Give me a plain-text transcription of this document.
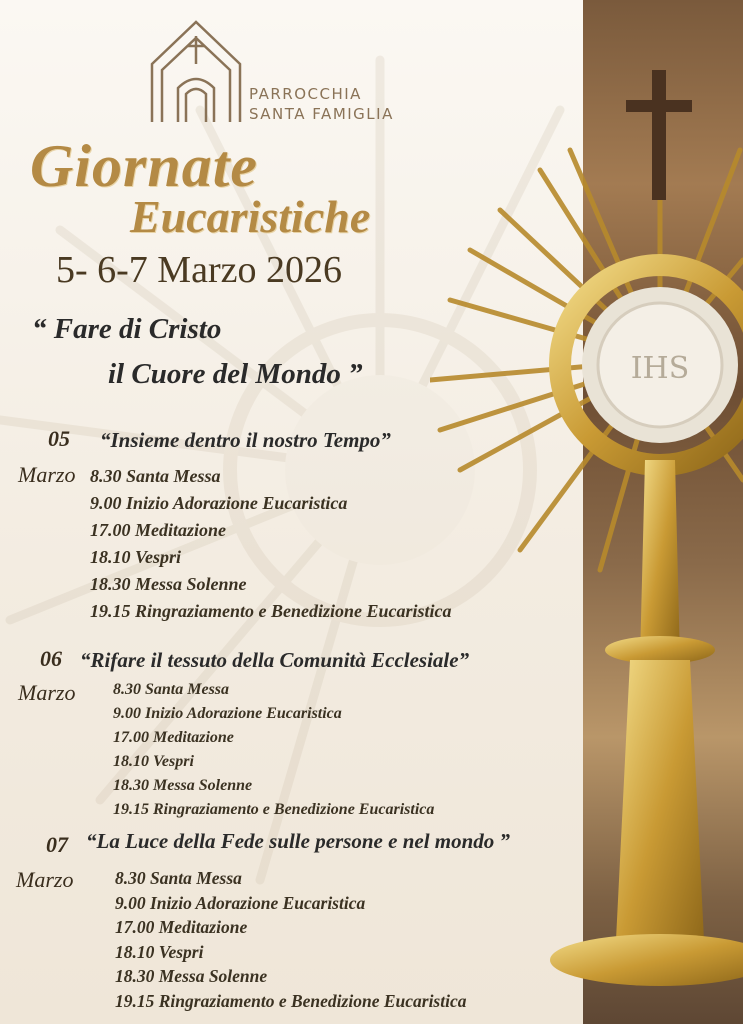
IHS
PARROCCHIA
SANTA FAMIGLIA
Giornate
Eucaristiche
5- 6-7 Marzo 2026
“ Fare di Cristo
il Cuore del Mondo ”
05 “Insieme dentro il nostro Tempo”
Marzo 8.30 Santa Messa
9.00 Inizio Adorazione Eucaristica
17.00 Meditazione
18.10 Vespri
18.30 Messa Solenne
19.15 Ringraziamento e Benedizione Eucaristica
06 “Rifare il tessuto della Comunità Ecclesiale”
Marzo 8.30 Santa Messa
9.00 Inizio Adorazione Eucaristica
17.00 Meditazione
18.10 Vespri
18.30 Messa Solenne
19.15 Ringraziamento e Benedizione Eucaristica
07 “La Luce della Fede sulle persone e nel mondo ”
Marzo 8.30 Santa Messa
9.00 Inizio Adorazione Eucaristica
17.00 Meditazione
18.10 Vespri
18.30 Messa Solenne
19.15 Ringraziamento e Benedizione Eucaristica
